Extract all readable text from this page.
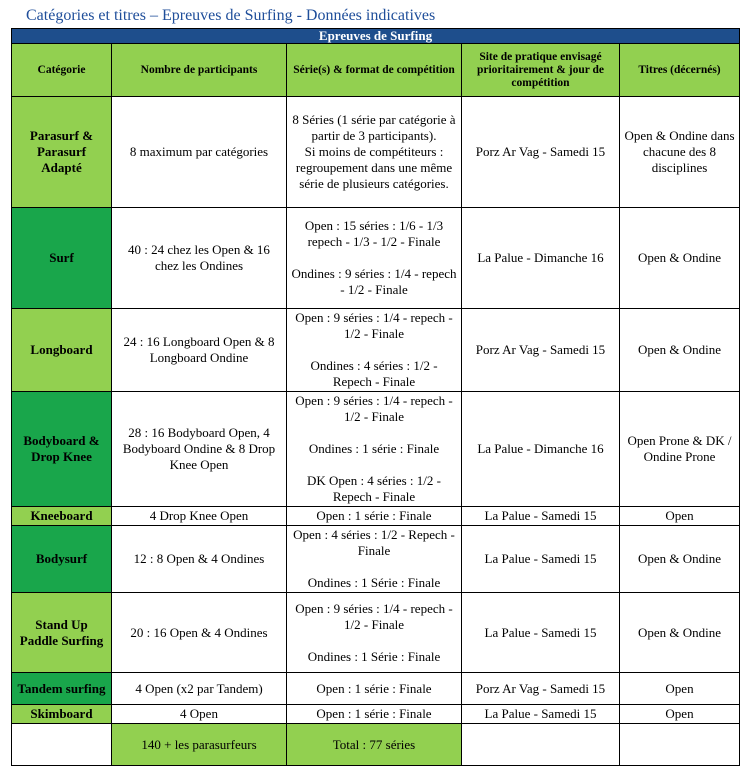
Catégories et titres – Epreuves de Surfing - Données indicatives
Epreuves de Surfing				
Catégorie	Nombre de participants	Série(s) & format de compétition	Site de pratique envisagé prioritairement & jour de compétition	Titres (décernés)
Parasurf & Parasurf Adapté	8 maximum par catégories	8 Séries (1 série par catégorie à partir de 3 participants).
Si moins de compétiteurs : regroupement dans une même série de plusieurs catégories.	Porz Ar Vag - Samedi 15	Open & Ondine dans chacune des 8 disciplines
Surf	40 : 24 chez les Open & 16 chez les Ondines	Open : 15 séries : 1/6 - 1/3 repech - 1/3 - 1/2 - Finale

Ondines : 9 séries : 1/4 - repech - 1/2 - Finale	La Palue - Dimanche 16	Open & Ondine
Longboard	24 : 16 Longboard Open & 8 Longboard Ondine	Open : 9 séries : 1/4 - repech - 1/2 - Finale

Ondines : 4 séries : 1/2 - Repech - Finale	Porz Ar Vag - Samedi 15	Open & Ondine
Bodyboard & Drop Knee	28 : 16 Bodyboard Open, 4 Bodyboard Ondine & 8 Drop Knee Open	Open : 9 séries : 1/4 - repech - 1/2 - Finale

Ondines : 1 série : Finale

DK Open : 4 séries : 1/2 - Repech - Finale	La Palue - Dimanche 16	Open Prone & DK / Ondine Prone
Kneeboard	4 Drop Knee Open	Open : 1 série : Finale	La Palue - Samedi 15	Open
Bodysurf	12 : 8 Open & 4 Ondines	Open : 4 séries : 1/2 - Repech - Finale

Ondines : 1 Série : Finale	La Palue - Samedi 15	Open & Ondine
Stand Up Paddle Surfing	20 : 16 Open & 4 Ondines	Open : 9 séries : 1/4 - repech - 1/2 - Finale

Ondines : 1 Série : Finale	La Palue - Samedi 15	Open & Ondine
Tandem surfing	4 Open (x2 par Tandem)	Open : 1 série : Finale	Porz Ar Vag - Samedi 15	Open
Skimboard	4 Open	Open : 1 série : Finale	La Palue - Samedi 15	Open
	140 + les parasurfeurs	Total : 77 séries		
